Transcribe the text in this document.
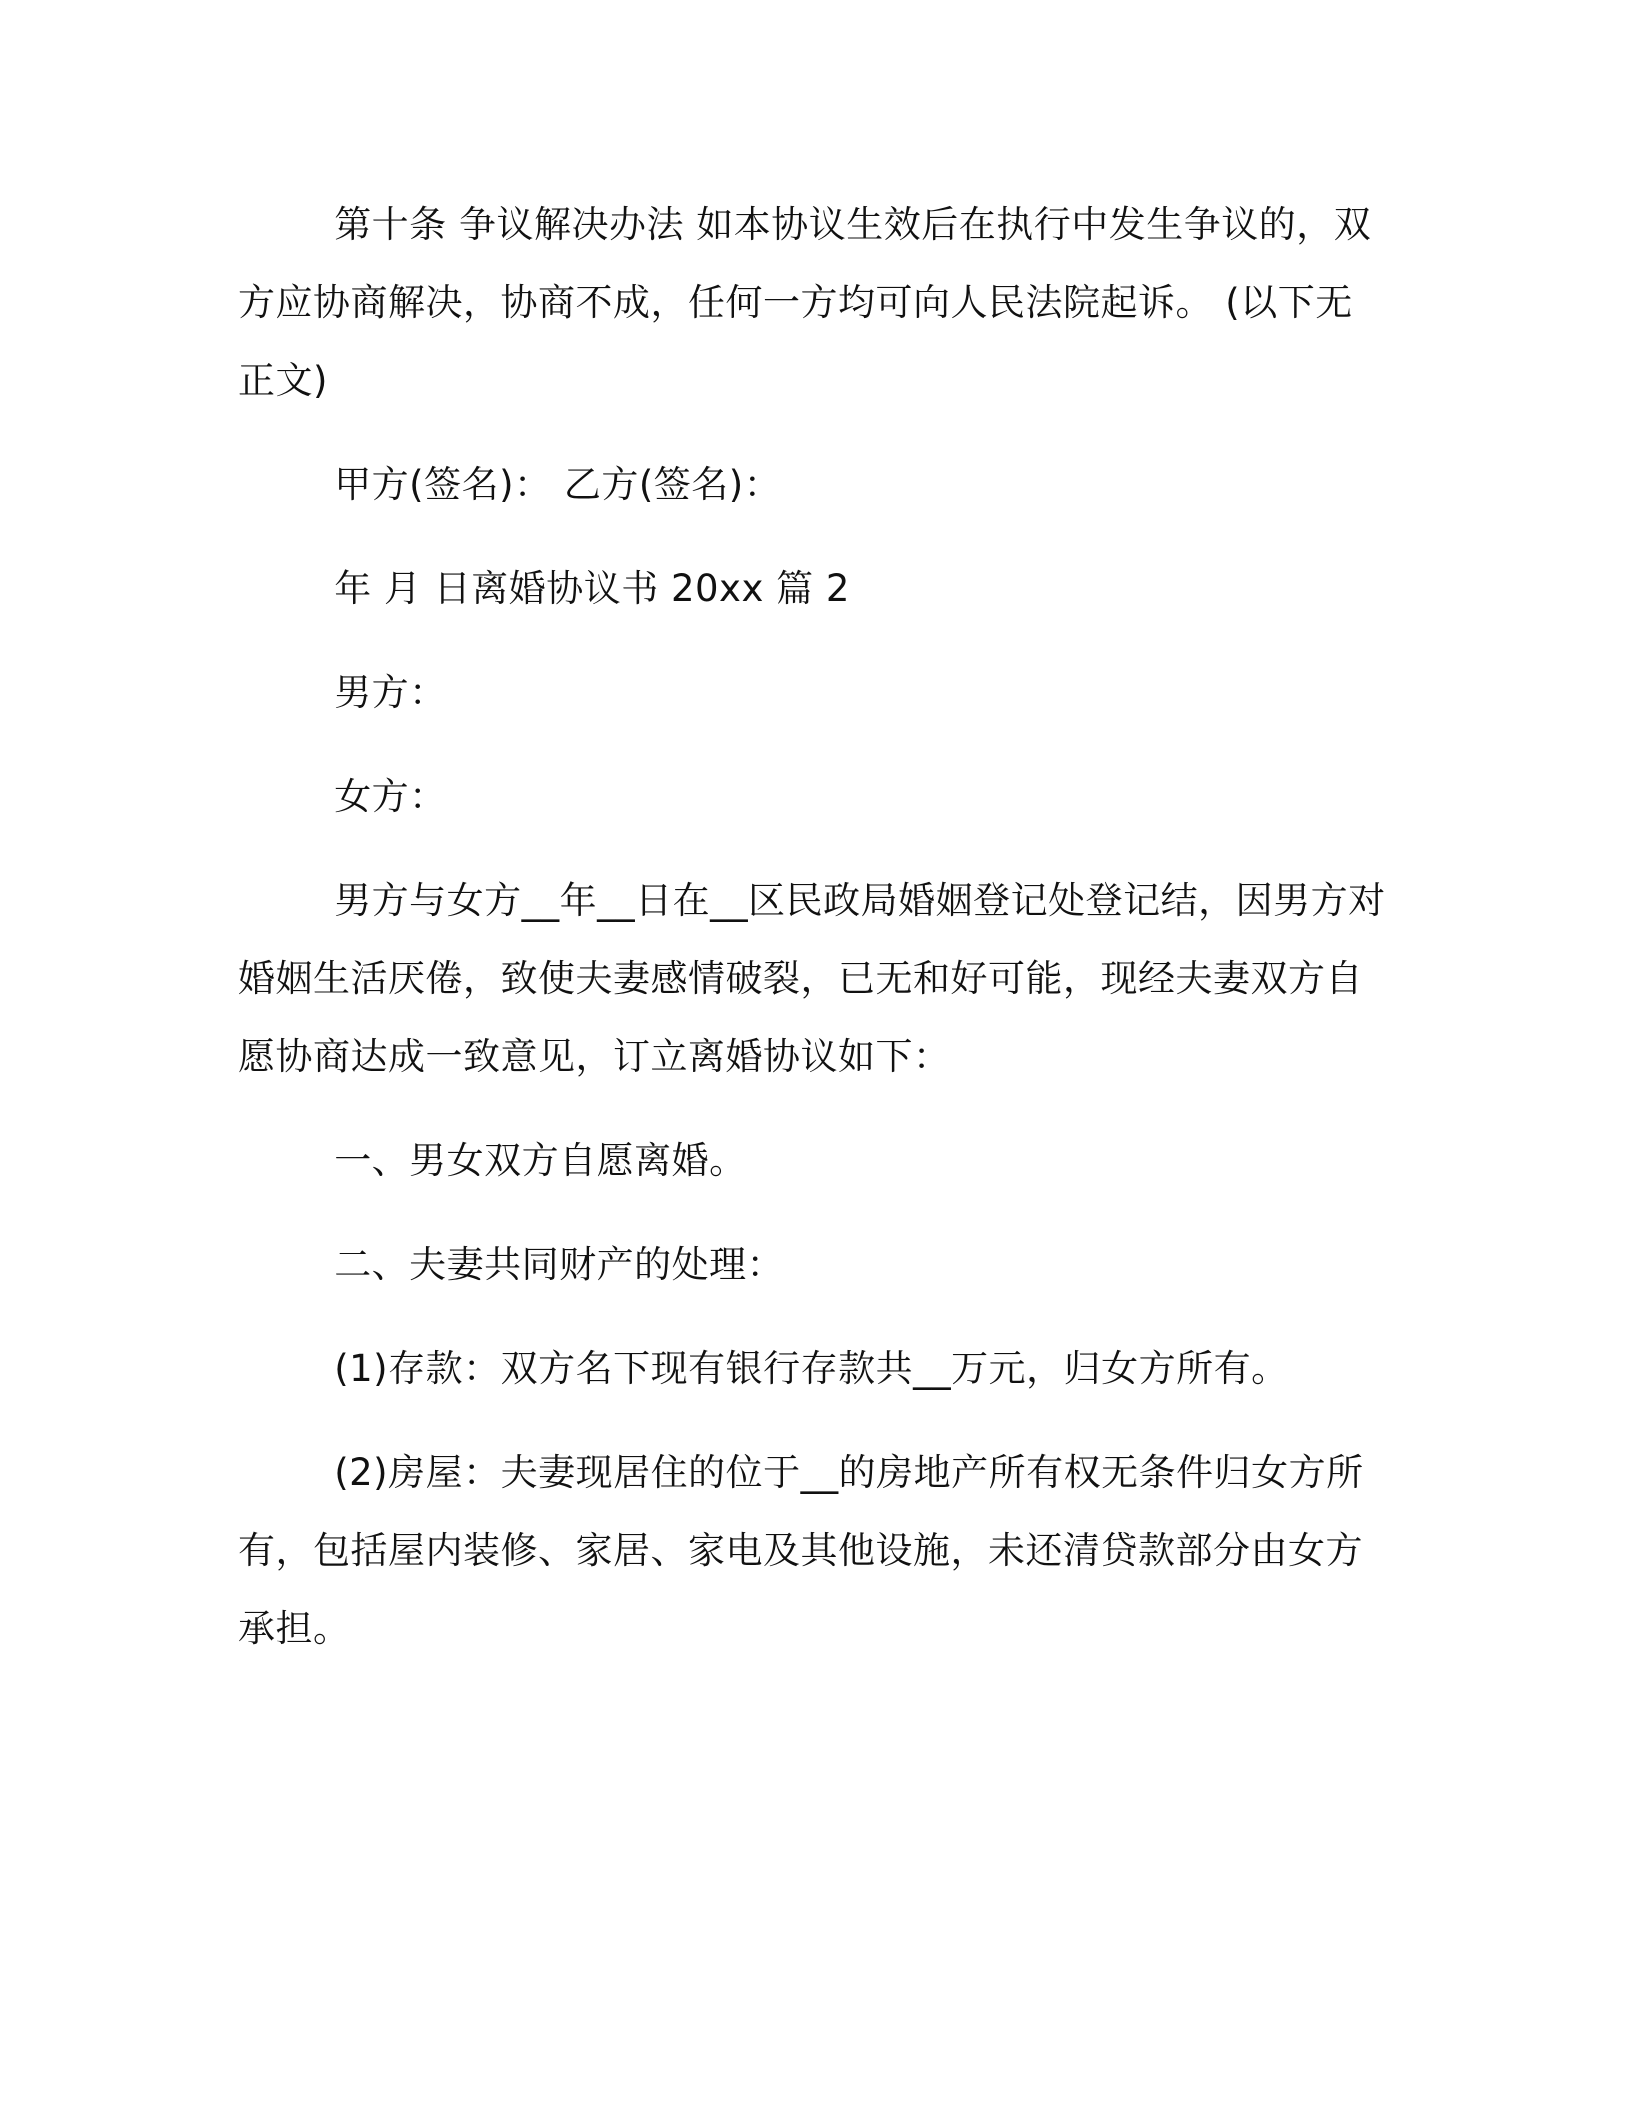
第十条 争议解决办法 如本协议生效后在执行中发生争议的，双方应协商解决，协商不成，任何一方均可向人民法院起诉。 (以下无正文)

甲方(签名)： 乙方(签名)：

年 月 日离婚协议书 20xx 篇 2

男方：

女方：

男方与女方__年__日在__区民政局婚姻登记处登记结，因男方对婚姻生活厌倦，致使夫妻感情破裂，已无和好可能，现经夫妻双方自愿协商达成一致意见，订立离婚协议如下：

一、男女双方自愿离婚。

二、夫妻共同财产的处理：

(1)存款：双方名下现有银行存款共__万元，归女方所有。

(2)房屋：夫妻现居住的位于__的房地产所有权无条件归女方所有，包括屋内装修、家居、家电及其他设施，未还清贷款部分由女方承担。
